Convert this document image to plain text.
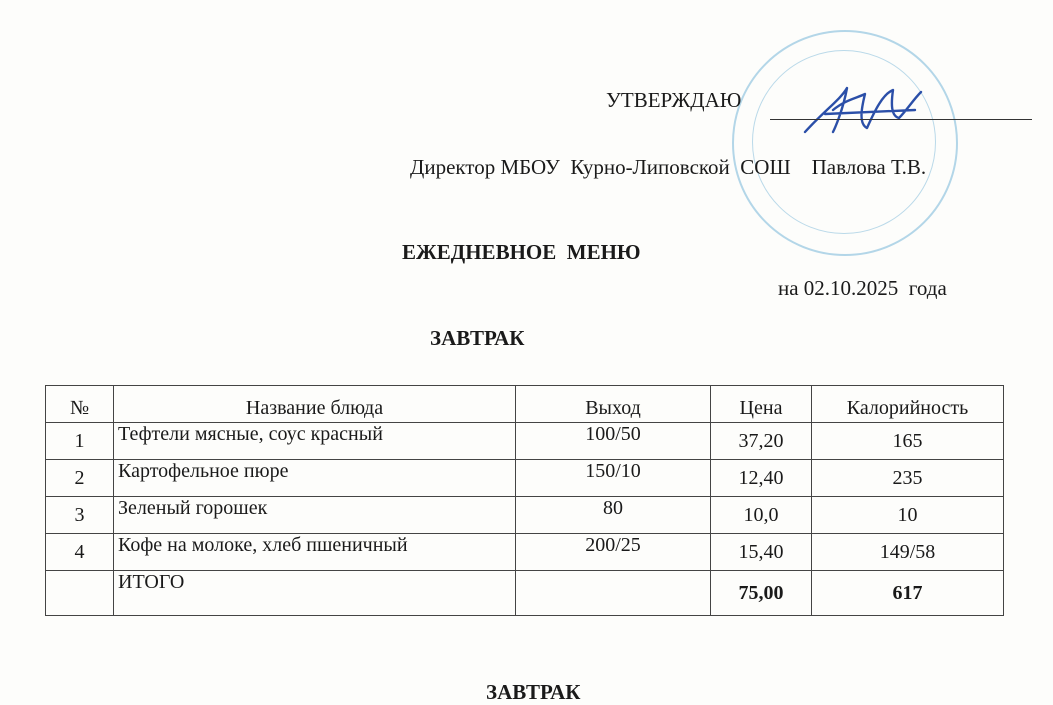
УТВЕРЖДАЮ
Директор МБОУ  Курно-Липовской  СОШ    Павлова Т.В.
ЕЖЕДНЕВНОЕ  МЕНЮ
на 02.10.2025  года
ЗАВТРАК
№	Название блюда	Выход	Цена	Калорийность
1	Тефтели мясные, соус красный	100/50	37,20	165
2	Картофельное пюре	150/10	12,40	235
3	Зеленый горошек	80	10,0	10
4	Кофе на молоке, хлеб пшеничный	200/25	15,40	149/58
	ИТОГО		75,00	617
ЗАВТРАК
